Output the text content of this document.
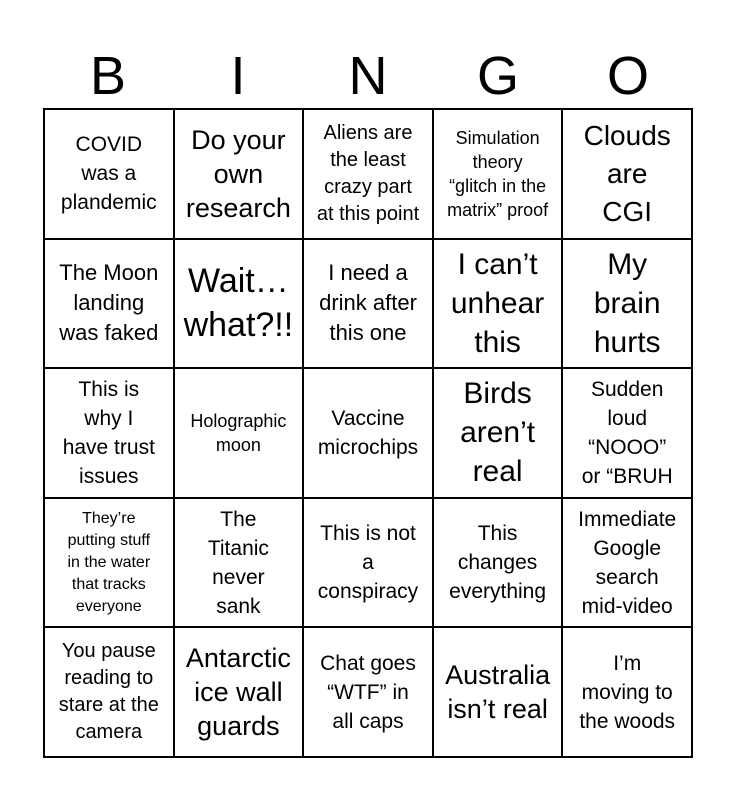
B	I	N	G	O
COVID
was a
plandemic
Do your
own
research
Aliens are
the least
crazy part
at this point
Simulation
theory
“glitch in the
matrix” proof
Clouds
are
CGI
The Moon
landing
was faked
Wait…
what?!!
I need a
drink after
this one
I can’t
unhear
this
My
brain
hurts
This is
why I
have trust
issues
Holographic
moon
Vaccine
microchips
Birds
aren’t
real
Sudden
loud
“NOOO”
or “BRUH
They’re
putting stuff
in the water
that tracks
everyone
The
Titanic
never
sank
This is not
a
conspiracy
This
changes
everything
Immediate
Google
search
mid-video
You pause
reading to
stare at the
camera
Antarctic
ice wall
guards
Chat goes
“WTF” in
all caps
Australia
isn’t real
I’m
moving to
the woods
